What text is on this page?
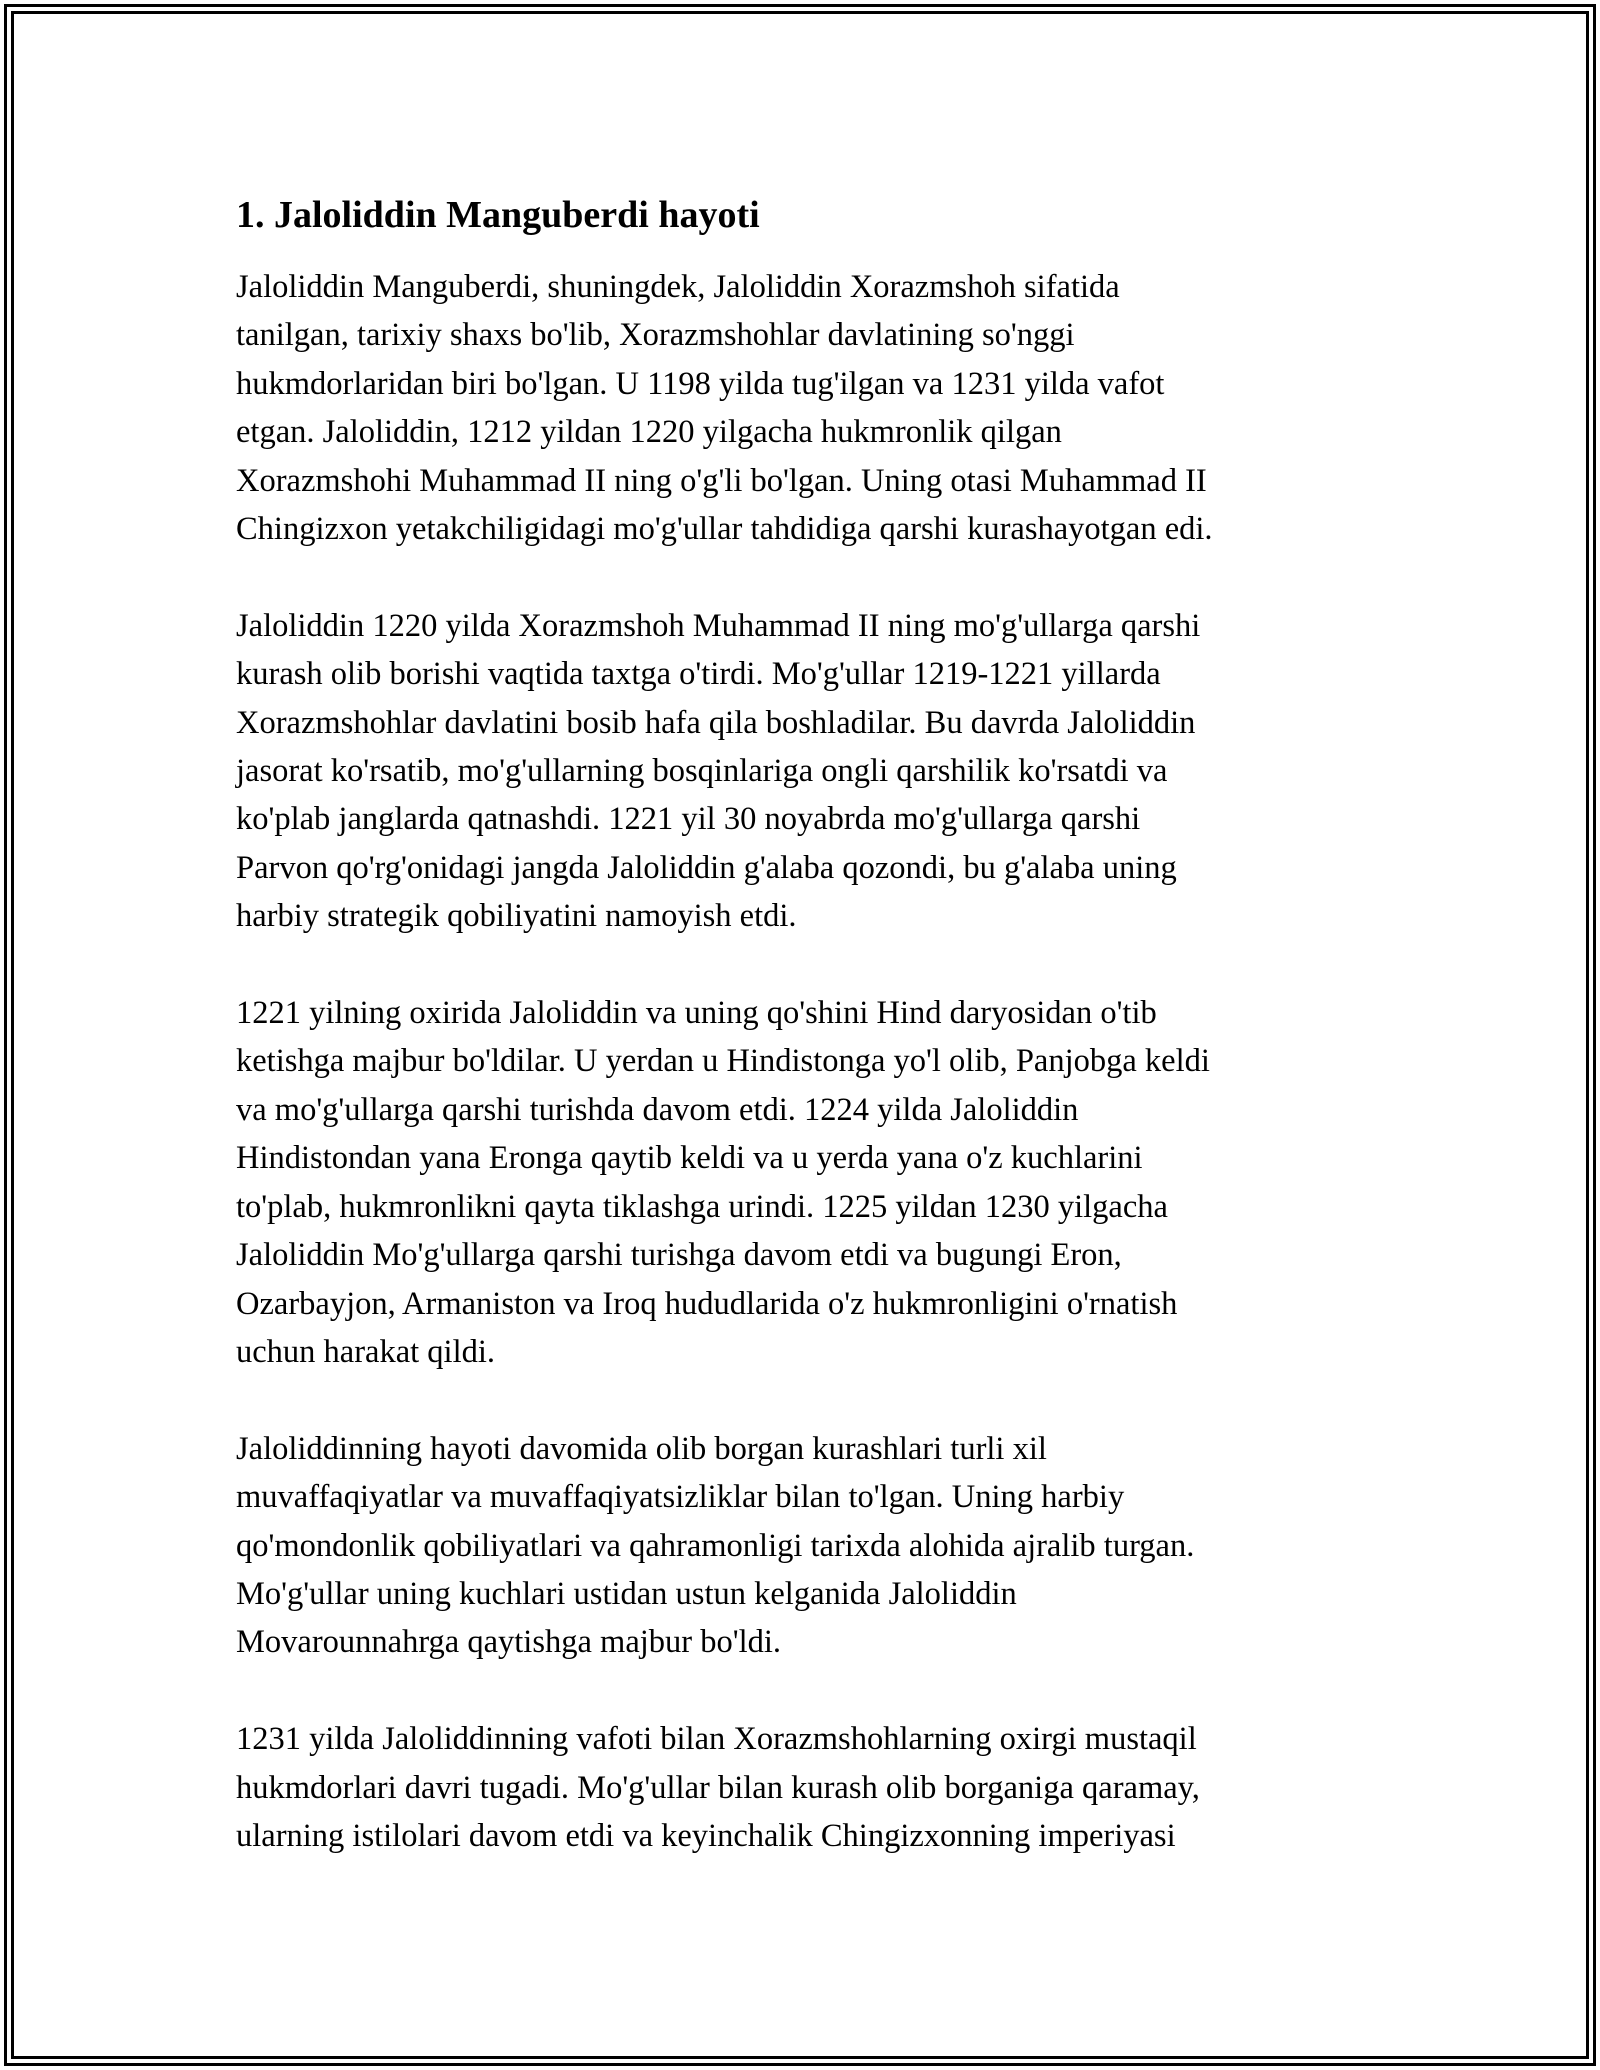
1. Jaloliddin Manguberdi hayoti

Jaloliddin Manguberdi, shuningdek, Jaloliddin Xorazmshoh sifatida
tanilgan, tarixiy shaxs bo'lib, Xorazmshohlar davlatining so'nggi
hukmdorlaridan biri bo'lgan. U 1198 yilda tug'ilgan va 1231 yilda vafot
etgan. Jaloliddin, 1212 yildan 1220 yilgacha hukmronlik qilgan
Xorazmshohi Muhammad II ning o'g'li bo'lgan. Uning otasi Muhammad II
Chingizxon yetakchiligidagi mo'g'ullar tahdidiga qarshi kurashayotgan edi.

Jaloliddin 1220 yilda Xorazmshoh Muhammad II ning mo'g'ullarga qarshi
kurash olib borishi vaqtida taxtga o'tirdi. Mo'g'ullar 1219-1221 yillarda
Xorazmshohlar davlatini bosib hafa qila boshladilar. Bu davrda Jaloliddin
jasorat ko'rsatib, mo'g'ullarning bosqinlariga ongli qarshilik ko'rsatdi va
ko'plab janglarda qatnashdi. 1221 yil 30 noyabrda mo'g'ullarga qarshi
Parvon qo'rg'onidagi jangda Jaloliddin g'alaba qozondi, bu g'alaba uning
harbiy strategik qobiliyatini namoyish etdi.

1221 yilning oxirida Jaloliddin va uning qo'shini Hind daryosidan o'tib
ketishga majbur bo'ldilar. U yerdan u Hindistonga yo'l olib, Panjobga keldi
va mo'g'ullarga qarshi turishda davom etdi. 1224 yilda Jaloliddin
Hindistondan yana Eronga qaytib keldi va u yerda yana o'z kuchlarini
to'plab, hukmronlikni qayta tiklashga urindi. 1225 yildan 1230 yilgacha
Jaloliddin Mo'g'ullarga qarshi turishga davom etdi va bugungi Eron,
Ozarbayjon, Armaniston va Iroq hududlarida o'z hukmronligini o'rnatish
uchun harakat qildi.

Jaloliddinning hayoti davomida olib borgan kurashlari turli xil
muvaffaqiyatlar va muvaffaqiyatsizliklar bilan to'lgan. Uning harbiy
qo'mondonlik qobiliyatlari va qahramonligi tarixda alohida ajralib turgan.
Mo'g'ullar uning kuchlari ustidan ustun kelganida Jaloliddin
Movarounnahrga qaytishga majbur bo'ldi.

1231 yilda Jaloliddinning vafoti bilan Xorazmshohlarning oxirgi mustaqil
hukmdorlari davri tugadi. Mo'g'ullar bilan kurash olib borganiga qaramay,
ularning istilolari davom etdi va keyinchalik Chingizxonning imperiyasi
